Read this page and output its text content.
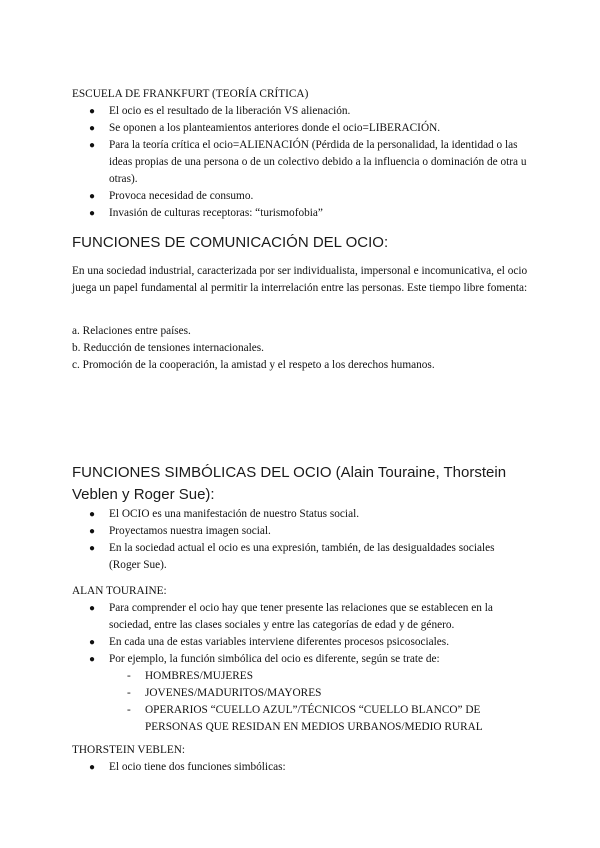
ESCUELA DE FRANKFURT (TEORÍA CRÍTICA)

● El ocio es el resultado de la liberación VS alienación.
● Se oponen a los planteamientos anteriores donde el ocio=LIBERACIÓN.
● Para la teoría crítica el ocio=ALIENACIÓN (Pérdida de la personalidad, la identidad o las ideas propias de una persona o de un colectivo debido a la influencia o dominación de otra u otras).
● Provoca necesidad de consumo.
● Invasión de culturas receptoras: “turismofobia”
FUNCIONES DE COMUNICACIÓN DEL OCIO:

En una sociedad industrial, caracterizada por ser individualista, impersonal e incomunicativa, el ocio juega un papel fundamental al permitir la interrelación entre las personas. Este tiempo libre fomenta:

a. Relaciones entre países.
b. Reducción de tensiones internacionales.
c. Promoción de la cooperación, la amistad y el respeto a los derechos humanos.
FUNCIONES SIMBÓLICAS DEL OCIO (Alain Touraine, Thorstein Veblen y Roger Sue):
● El OCIO es una manifestación de nuestro Status social.
● Proyectamos nuestra imagen social.
● En la sociedad actual el ocio es una expresión, también, de las desigualdades sociales (Roger Sue).

ALAN TOURAINE:

● Para comprender el ocio hay que tener presente las relaciones que se establecen en la sociedad, entre las clases sociales y entre las categorías de edad y de género.
● En cada una de estas variables interviene diferentes procesos psicosociales.
● Por ejemplo, la función simbólica del ocio es diferente, según se trate de:
- HOMBRES/MUJERES
- JOVENES/MADURITOS/MAYORES
- OPERARIOS “CUELLO AZUL”/TÉCNICOS “CUELLO BLANCO” DE PERSONAS QUE RESIDAN EN MEDIOS URBANOS/MEDIO RURAL

THORSTEIN VEBLEN:

● El ocio tiene dos funciones simbólicas:
